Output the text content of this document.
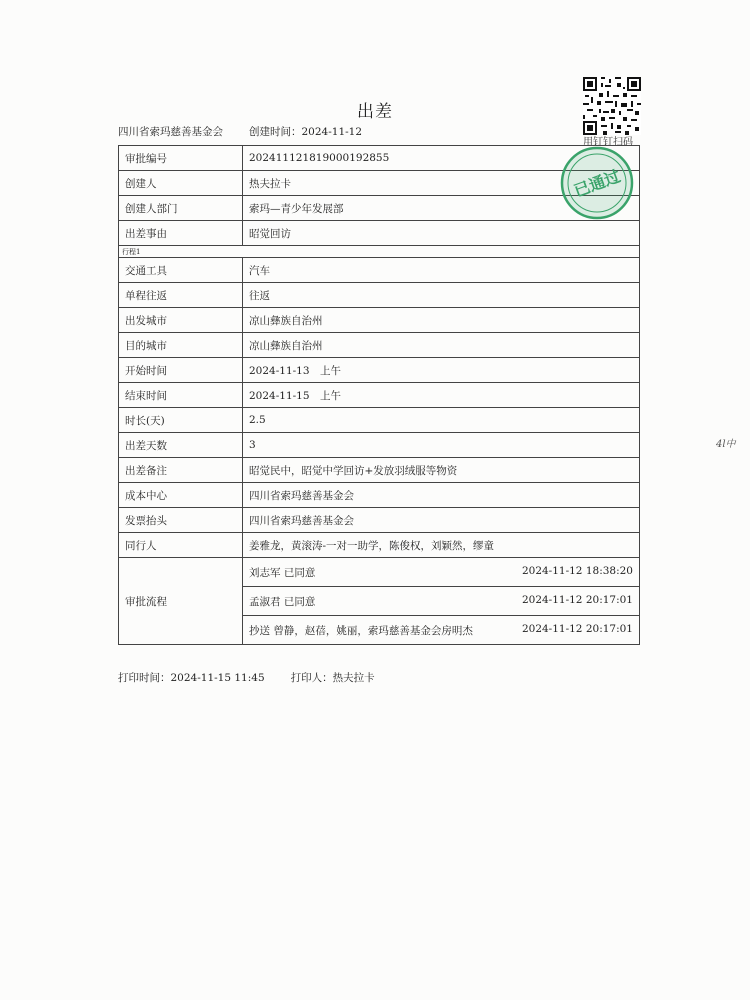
出差
用钉钉扫码
四川省索玛慈善基金会 创建时间：2024-11-12
审批编号	202411121819000192855
创建人	热夫拉卡
创建人部门	索玛—青少年发展部
出差事由	昭觉回访
行程1	
交通工具	汽车
单程往返	往返
出发城市	凉山彝族自治州
目的城市	凉山彝族自治州
开始时间	2024-11-13　上午
结束时间	2024-11-15　上午
时长(天)	2.5
出差天数	3
出差备注	昭觉民中，昭觉中学回访+发放羽绒服等物资
成本中心	四川省索玛慈善基金会
发票抬头	四川省索玛慈善基金会
同行人	姜雅龙，黄滚涛-一对一助学，陈俊权，刘颖然，缪童
审批流程	刘志军 已同意 2024-11-12 18:38:20

	孟淑君 已同意 2024-11-12 20:17:01

	抄送 曾静，赵蓓，姚丽，索玛慈善基金会房明杰 2024-11-12 20:17:01
已通过
打印时间：2024-11-15 11:45 打印人：热夫拉卡
4l中
